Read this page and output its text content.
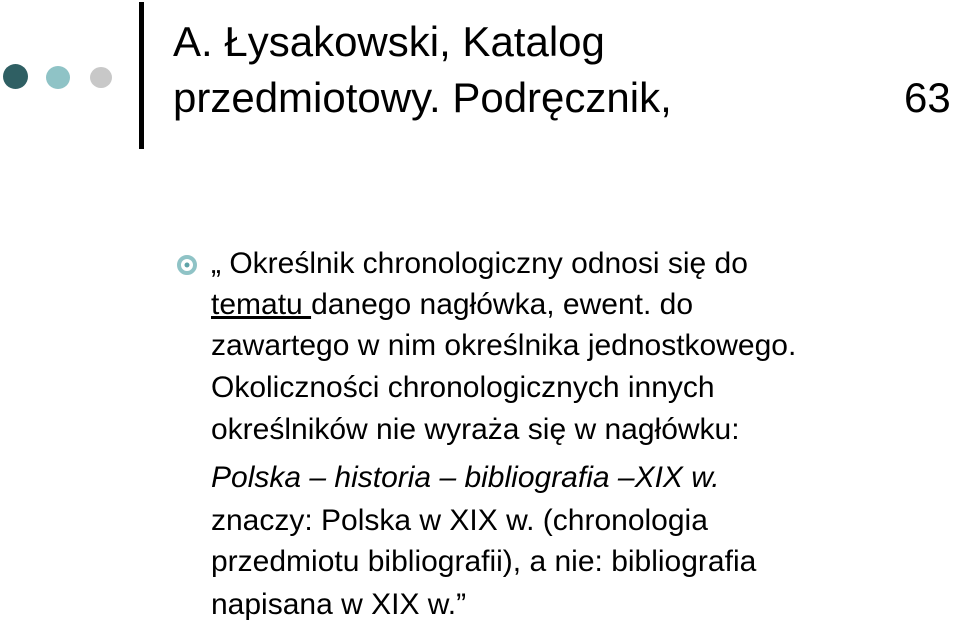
A. Łysakowski, Katalog
przedmiotowy. Podręcznik,	63
„ Określnik chronologiczny odnosi się do
tematu danego nagłówka, ewent. do
zawartego w nim określnika jednostkowego.
Okoliczności chronologicznych innych
określników nie wyraża się w nagłówku:
Polska – historia – bibliografia –XIX w.
znaczy: Polska w XIX w. (chronologia
przedmiotu bibliografii), a nie: bibliografia
napisana w XIX w.”
